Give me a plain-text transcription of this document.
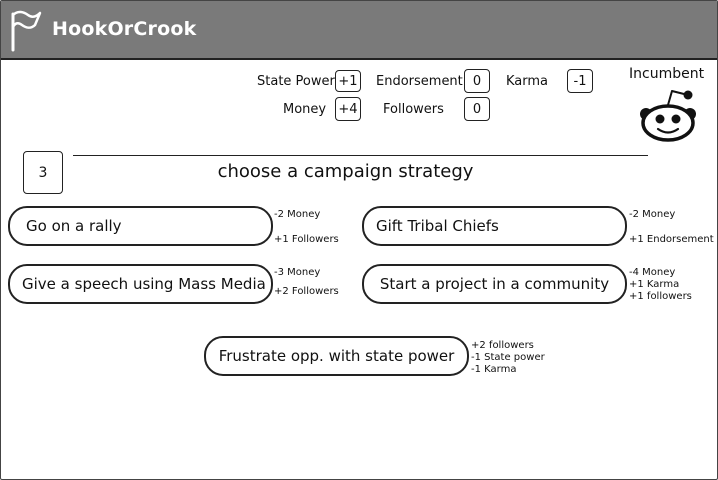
HookOrCrook
State Power +1 Endorsement 0	Karma	-1
Money +4 Followers	0
Incumbent
3	choose a campaign strategy
Go on a rally
-2 Money
+1 Followers
Gift Tribal Chiefs
-2 Money
+1 Endorsement
Give a speech using Mass Media
-3 Money
+2 Followers	Start a project in a community
-4 Money
+1 Karma
+1 followers
Frustrate opp. with state power
+2 followers
-1 State power
-1 Karma
